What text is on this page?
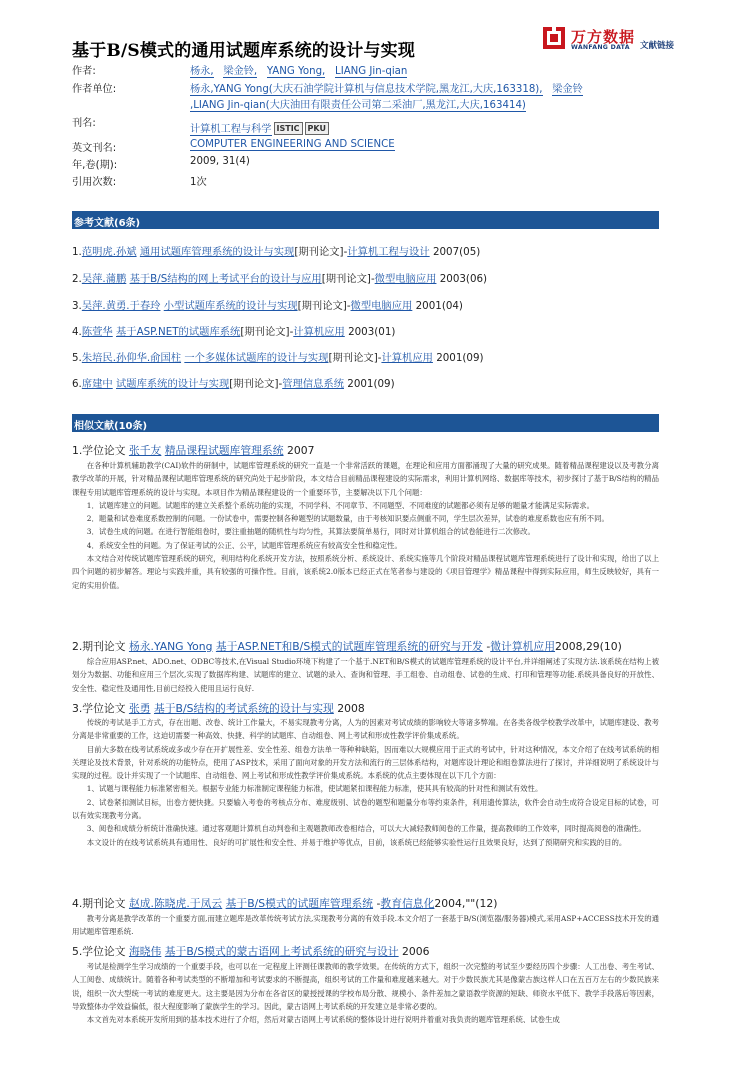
基于B/S模式的通用试题库系统的设计与实现
万方数据
WANFANG DATA 文献链接
作者:	杨永, 梁金铃, YANG Yong, LIANG Jin-qian
作者单位:	杨永,YANG Yong(大庆石油学院计算机与信息技术学院,黑龙江,大庆,163318), 梁金铃
,LIANG Jin-qian(大庆油田有限责任公司第二采油厂,黑龙江,大庆,163414)
刊名:
计算机工程与科学 ISTIC PKU
英文刊名:	COMPUTER ENGINEERING AND SCIENCE
年,卷(期):	2009, 31(4)
引用次数:	1次
参考文献(6条)
1.范明虎.孙斌 通用试题库管理系统的设计与实现[期刊论文]-计算机工程与设计 2007(05)
2.吴萍.蒲鹏 基于B/S结构的网上考试平台的设计与应用[期刊论文]-微型电脑应用 2003(06)
3.吴萍.黄勇.于春玲 小型试题库系统的设计与实现[期刊论文]-微型电脑应用 2001(04)
4.陈萱华 基于ASP.NET的试题库系统[期刊论文]-计算机应用 2003(01)
5.朱培民.孙仰华.俞国柱 一个多媒体试题库的设计与实现[期刊论文]-计算机应用 2001(09)
6.席建中 试题库系统的设计与实现[期刊论文]-管理信息系统 2001(09)
相似文献(10条)
1.学位论文 张千友 精品课程试题库管理系统 2007

在各种计算机辅助教学(CAI)软件的研制中，试题库管理系统的研究一直是一个非常活跃的课题，在理论和应用方面都涌现了大量的研究成果。随着精品课程建设以及考教分离教学改革的开展，针对精品课程试题库管理系统的研究尚处于起步阶段，本文结合目前精品课程建设的实际需求，利用计算机网络、数据库等技术，初步探讨了基于B/S结构的精品课程专用试题库管理系统的设计与实现。本项目作为精品课程建设的一个重要环节，主要解决以下几个问题：

1．试题库建立的问题。试题库的建立关系整个系统功能的实现，不同学科、不同章节、不同题型、不同难度的试题都必须有足够的题量才能满足实际需求。

2．题量和试卷难度系数控制的问题。一份试卷中，需要控制各种题型的试题数量，由于考核知识要点侧重不同，学生层次差异，试卷的难度系数也应有所不同。

3．试卷生成的问题。在进行智能组卷时，要注重抽题的随机性与均匀性，其算法要简单易行，同时对计算机组合的试卷能进行二次修改。

4．系统安全性的问题。为了保证考试的公正、公平，试题库管理系统应有较高安全性和稳定性。

本文结合对传统试题库管理系统的研究，利用结构化系统开发方法，按照系统分析、系统设计、系统实施等几个阶段对精品课程试题库管理系统进行了设计和实现，给出了以上四个问题的初步解答。理论与实践并重，具有较强的可操作性。目前，该系统2.0版本已经正式在笔者参与建设的《项目管理学》精品课程中得到实际应用，师生反映较好，具有一定的实用价值。

2.期刊论文 杨永.YANG Yong 基于ASP.NET和B/S模式的试题库管理系统的研究与开发 -微计算机应用2008,29(10)

综合应用ASP.net、ADO.net、ODBC等技术,在Visual Studio环境下构建了一个基于.NET和B/S模式的试题库管理系统的设计平台,并详细阐述了实现方法.该系统在结构上被划分为数据、功能和应用三个层次,实现了数据库构建、试题库的建立、试题的录入、查询和管理、手工组卷、自动组卷、试卷的生成、打印和管理等功能.系统具备良好的开放性、安全性、稳定性及通用性,目前已经投入使用且运行良好.

3.学位论文 张勇 基于B/S结构的考试系统的设计与实现 2008

传统的考试是手工方式，存在出题、改卷、统计工作量大，不易实现教考分离，人为的因素对考试成绩的影响较大等诸多弊端。在各类各级学校教学改革中，试题库建设、教考分离是非常重要的工作，这迫切需要一种高效、快捷、科学的试题库、自动组卷、网上考试和形成性教学评价集成系统。

目前大多数在线考试系统或多或少存在开扩展性差、安全性差、组卷方法单一等种种缺陷，因而难以大规模应用于正式的考试中，针对这种情况，本文介绍了在线考试系统的相关理论及技术背景，针对系统的功能特点，使用了ASP技术，采用了面向对象的开发方法和流行的三层体系结构，对题库设计理论和组卷算法进行了探讨，并详细说明了系统设计与实现的过程。设计并实现了一个试题库、自动组卷、网上考试和形成性教学评价集成系统。本系统的优点主要体现在以下几个方面：

1、试题与课程能力标准紧密相关。根据专业能力标准制定课程能力标准，使试题紧扣课程能力标准，使其具有较高的针对性和测试有效性。

2、试卷紧扣测试目标，出卷方便快捷。只要输入考卷的考核点分布、难度级别、试卷的题型和题量分布等约束条件，利用遗传算法，软件会自动生成符合设定目标的试卷，可以有效实现教考分离。

3、阅卷和成绩分析统计准确快速。通过客观题计算机自动判卷和主观题教师改卷相结合，可以大大减轻教师阅卷的工作量，提高教师的工作效率，同时提高阅卷的准确性。

本文设计的在线考试系统具有通用性、良好的可扩展性和安全性、并易于维护等优点，目前，该系统已经能够实验性运行且效果良好，达到了预期研究和实践的目的。

4.期刊论文 赵成.陈晓虎.于凤云 基于B/S模式的试题库管理系统 -教育信息化2004,""(12)

教考分离是教学改革的一个重要方面,而建立题库是改革传统考试方法,实现教考分离的有效手段.本文介绍了一套基于B/S(浏览器/服务器)模式,采用ASP+ACCESS技术开发的通用试题库管理系统.

5.学位论文 海晓伟 基于B/S模式的蒙古语网上考试系统的研究与设计 2006

考试是检测学生学习成绩的一个重要手段，也可以在一定程度上评测任课教师的教学效果。在传统的方式下，组织一次完整的考试至少要经历四个步骤：人工出卷、考生考试、人工阅卷、成绩统计。随着各种考试类型的不断增加和考试要求的不断提高，组织考试的工作量和难度越来越大。对于少数民族尤其是像蒙古族这样人口在五百万左右的少数民族来说，组织一次大型统一考试的难度更大。这主要是因为分布在各省区的蒙授授课的学校布局分散、规模小、条件差加之蒙语教学资源的短缺、师资水平低下、教学手段落后等因素，导致整体办学效益偏低，很大程度影响了蒙族学生的学习。因此，蒙古语网上考试系统的开发建立是非常必要的。

本文首先对本系统开发所用到的基本技术进行了介绍，然后对蒙古语网上考试系统的整体设计进行说明并着重对我负责的题库管理系统、试卷生成
